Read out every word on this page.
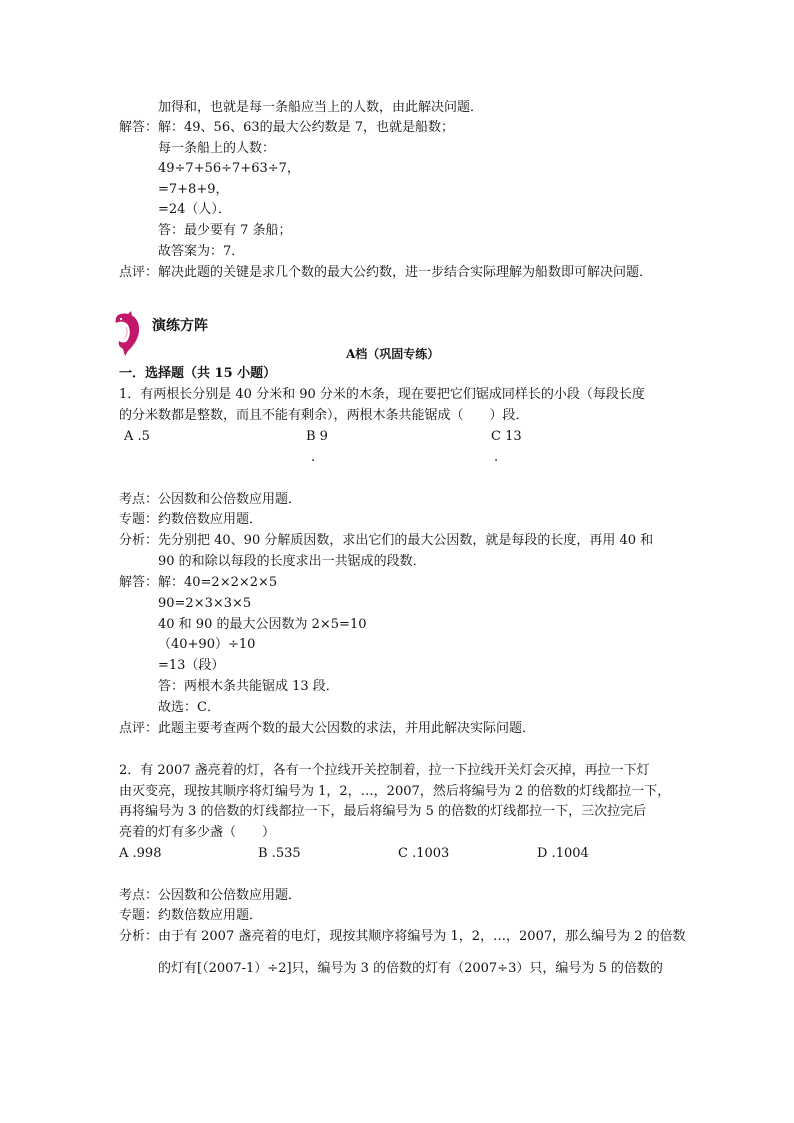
加得和，也就是每一条船应当上的人数，由此解决问题．
解答： 解：49、56、63的最大公约数是 7，也就是船数；
每一条船上的人数：
49÷7+56÷7+63÷7，
=7+8+9，
=24（人）．
答：最少要有 7 条船；
故答案为：7．
点评： 解决此题的关键是求几个数的最大公约数，进一步结合实际理解为船数即可解决问题．
演练方阵
A档（巩固专练）
一．选择题（共 15 小题）
1．有两根长分别是 40 分米和 90 分米的木条，现在要把它们锯成同样长的小段（每段长度
的分米数都是整数，而且不能有剩余），两根木条共能锯成（　　）段．
A .5	B 9	C 13
.	.
考点： 公因数和公倍数应用题．
专题： 约数倍数应用题．
分析： 先分别把 40、90 分解质因数，求出它们的最大公因数，就是每段的长度，再用 40 和
90 的和除以每段的长度求出一共锯成的段数．
解答： 解：40=2×2×2×5
90=2×3×3×5
40 和 90 的最大公因数为 2×5=10
（40+90）÷10
=13（段）
答：两根木条共能锯成 13 段．
故选：C．
点评： 此题主要考查两个数的最大公因数的求法，并用此解决实际问题．
2．有 2007 盏亮着的灯，各有一个拉线开关控制着，拉一下拉线开关灯会灭掉，再拉一下灯
由灭变亮，现按其顺序将灯编号为 1，2，…，2007，然后将编号为 2 的倍数的灯线都拉一下，
再将编号为 3 的倍数的灯线都拉一下，最后将编号为 5 的倍数的灯线都拉一下，三次拉完后
亮着的灯有多少盏（　　）
A .998	B .535	C .1003	D .1004
考点： 公因数和公倍数应用题．
专题： 约数倍数应用题．
分析： 由于有 2007 盏亮着的电灯，现按其顺序将编号为 1，2，…，2007，那么编号为 2 的倍数
的灯有[（2007-1）÷2]只，编号为 3 的倍数的灯有（2007÷3）只，编号为 5 的倍数的
